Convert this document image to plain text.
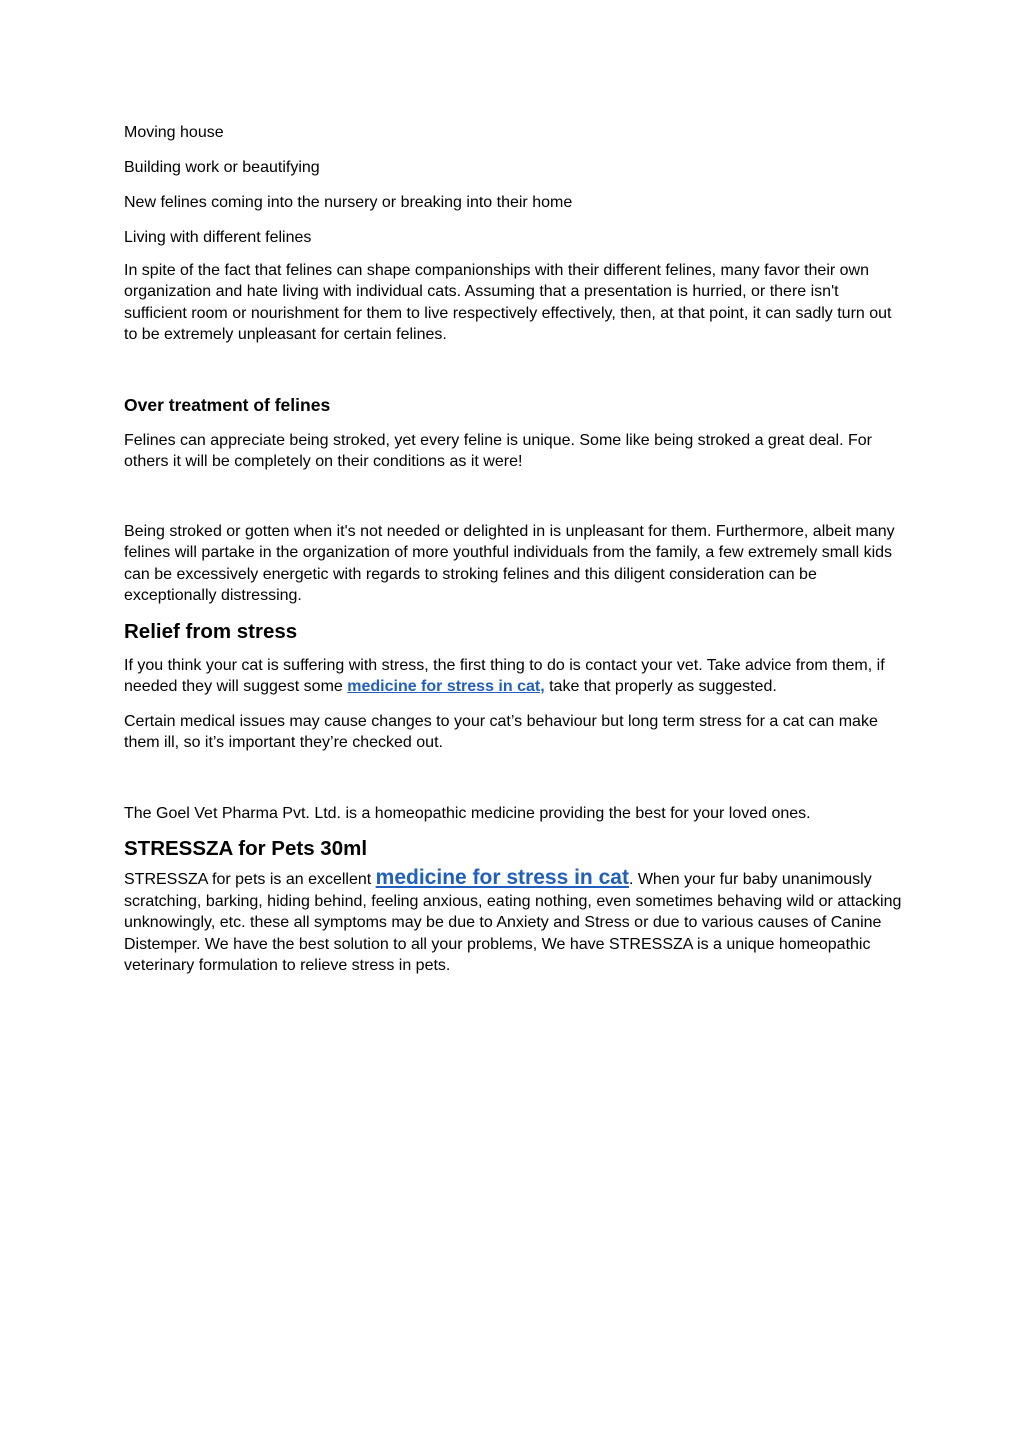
Moving house

Building work or beautifying

New felines coming into the nursery or breaking into their home

Living with different felines

In spite of the fact that felines can shape companionships with their different felines, many favor their own organization and hate living with individual cats. Assuming that a presentation is hurried, or there isn't sufficient room or nourishment for them to live respectively effectively, then, at that point, it can sadly turn out to be extremely unpleasant for certain felines.

Over treatment of felines

Felines can appreciate being stroked, yet every feline is unique. Some like being stroked a great deal. For others it will be completely on their conditions as it were!

Being stroked or gotten when it's not needed or delighted in is unpleasant for them. Furthermore, albeit many felines will partake in the organization of more youthful individuals from the family, a few extremely small kids can be excessively energetic with regards to stroking felines and this diligent consideration can be exceptionally distressing.

Relief from stress

If you think your cat is suffering with stress, the first thing to do is contact your vet. Take advice from them, if needed they will suggest some medicine for stress in cat, take that properly as suggested.

Certain medical issues may cause changes to your cat’s behaviour but long term stress for a cat can make them ill, so it’s important they’re checked out.

The Goel Vet Pharma Pvt. Ltd. is a homeopathic medicine providing the best for your loved ones.

STRESSZA for Pets 30ml

STRESSZA for pets is an excellent medicine for stress in cat. When your fur baby unanimously scratching, barking, hiding behind, feeling anxious, eating nothing, even sometimes behaving wild or attacking unknowingly, etc. these all symptoms may be due to Anxiety and Stress or due to various causes of Canine Distemper. We have the best solution to all your problems, We have STRESSZA is a unique homeopathic veterinary formulation to relieve stress in pets.
